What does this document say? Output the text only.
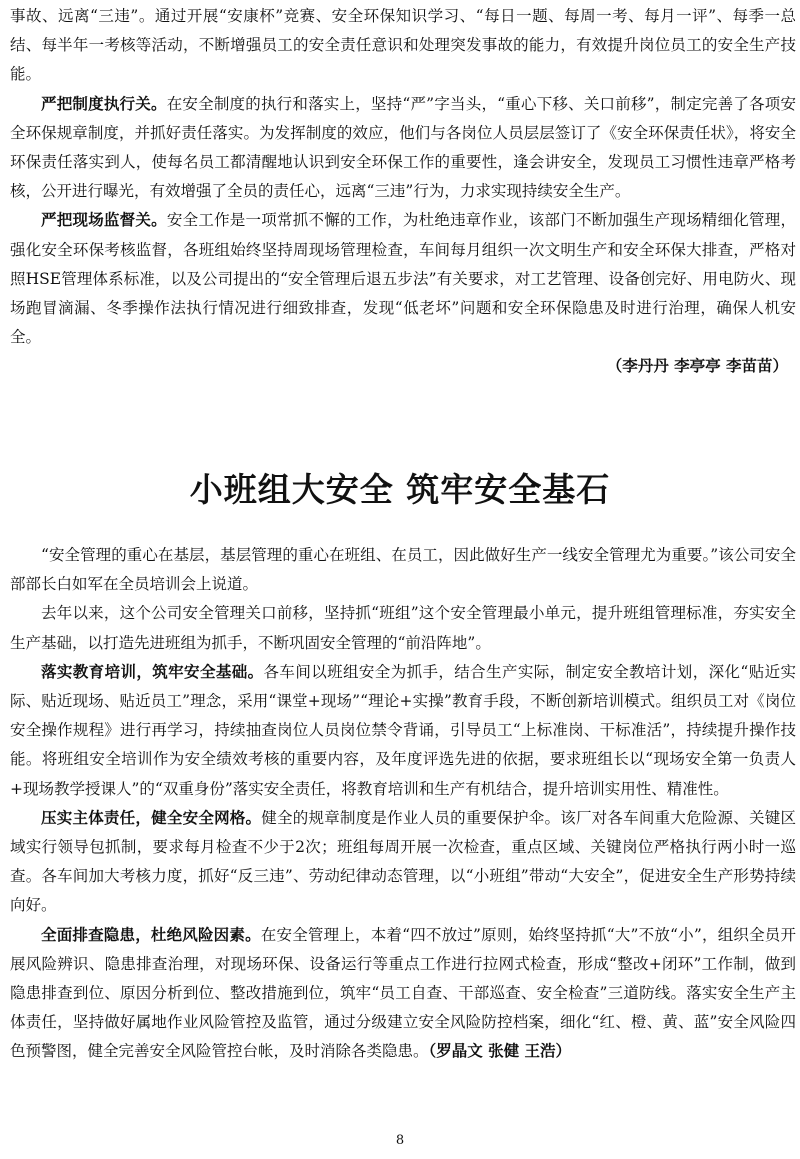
事故、远离“三违”。通过开展“安康杯”竞赛、安全环保知识学习、“每日一题、每周一考、每月一评”、每季一总结、每半年一考核等活动，不断增强员工的安全责任意识和处理突发事故的能力，有效提升岗位员工的安全生产技能。

严把制度执行关。在安全制度的执行和落实上，坚持“严”字当头，“重心下移、关口前移”，制定完善了各项安全环保规章制度，并抓好责任落实。为发挥制度的效应，他们与各岗位人员层层签订了《安全环保责任状》，将安全环保责任落实到人，使每名员工都清醒地认识到安全环保工作的重要性，逢会讲安全，发现员工习惯性违章严格考核，公开进行曝光，有效增强了全员的责任心，远离“三违”行为，力求实现持续安全生产。

严把现场监督关。安全工作是一项常抓不懈的工作，为杜绝违章作业，该部门不断加强生产现场精细化管理，强化安全环保考核监督，各班组始终坚持周现场管理检查，车间每月组织一次文明生产和安全环保大排查，严格对照HSE管理体系标准，以及公司提出的“安全管理后退五步法”有关要求，对工艺管理、设备创完好、用电防火、现场跑冒滴漏、冬季操作法执行情况进行细致排查，发现“低老坏”问题和安全环保隐患及时进行治理，确保人机安全。

（李丹丹 李亭亭 李苗苗）

小班组大安全 筑牢安全基石

“安全管理的重心在基层，基层管理的重心在班组、在员工，因此做好生产一线安全管理尤为重要。”该公司安全部部长白如军在全员培训会上说道。

去年以来，这个公司安全管理关口前移，坚持抓“班组”这个安全管理最小单元，提升班组管理标准，夯实安全生产基础，以打造先进班组为抓手，不断巩固安全管理的“前沿阵地”。

落实教育培训，筑牢安全基础。各车间以班组安全为抓手，结合生产实际，制定安全教培计划，深化“贴近实际、贴近现场、贴近员工”理念，采用“课堂+现场”“理论+实操”教育手段，不断创新培训模式。组织员工对《岗位安全操作规程》进行再学习，持续抽查岗位人员岗位禁令背诵，引导员工“上标准岗、干标准活”，持续提升操作技能。将班组安全培训作为安全绩效考核的重要内容，及年度评选先进的依据，要求班组长以“现场安全第一负责人+现场教学授课人”的“双重身份”落实安全责任，将教育培训和生产有机结合，提升培训实用性、精准性。

压实主体责任，健全安全网格。健全的规章制度是作业人员的重要保护伞。该厂对各车间重大危险源、关键区域实行领导包抓制，要求每月检查不少于2次；班组每周开展一次检查，重点区域、关键岗位严格执行两小时一巡查。各车间加大考核力度，抓好“反三违”、劳动纪律动态管理，以“小班组”带动“大安全”，促进安全生产形势持续向好。

全面排查隐患，杜绝风险因素。在安全管理上，本着“四不放过”原则，始终坚持抓“大”不放“小”，组织全员开展风险辨识、隐患排查治理，对现场环保、设备运行等重点工作进行拉网式检查，形成“整改+闭环”工作制，做到隐患排查到位、原因分析到位、整改措施到位，筑牢“员工自查、干部巡查、安全检查”三道防线。落实安全生产主体责任，坚持做好属地作业风险管控及监管，通过分级建立安全风险防控档案，细化“红、橙、黄、蓝”安全风险四色预警图，健全完善安全风险管控台帐，及时消除各类隐患。（罗晶文 张健 王浩）

8
